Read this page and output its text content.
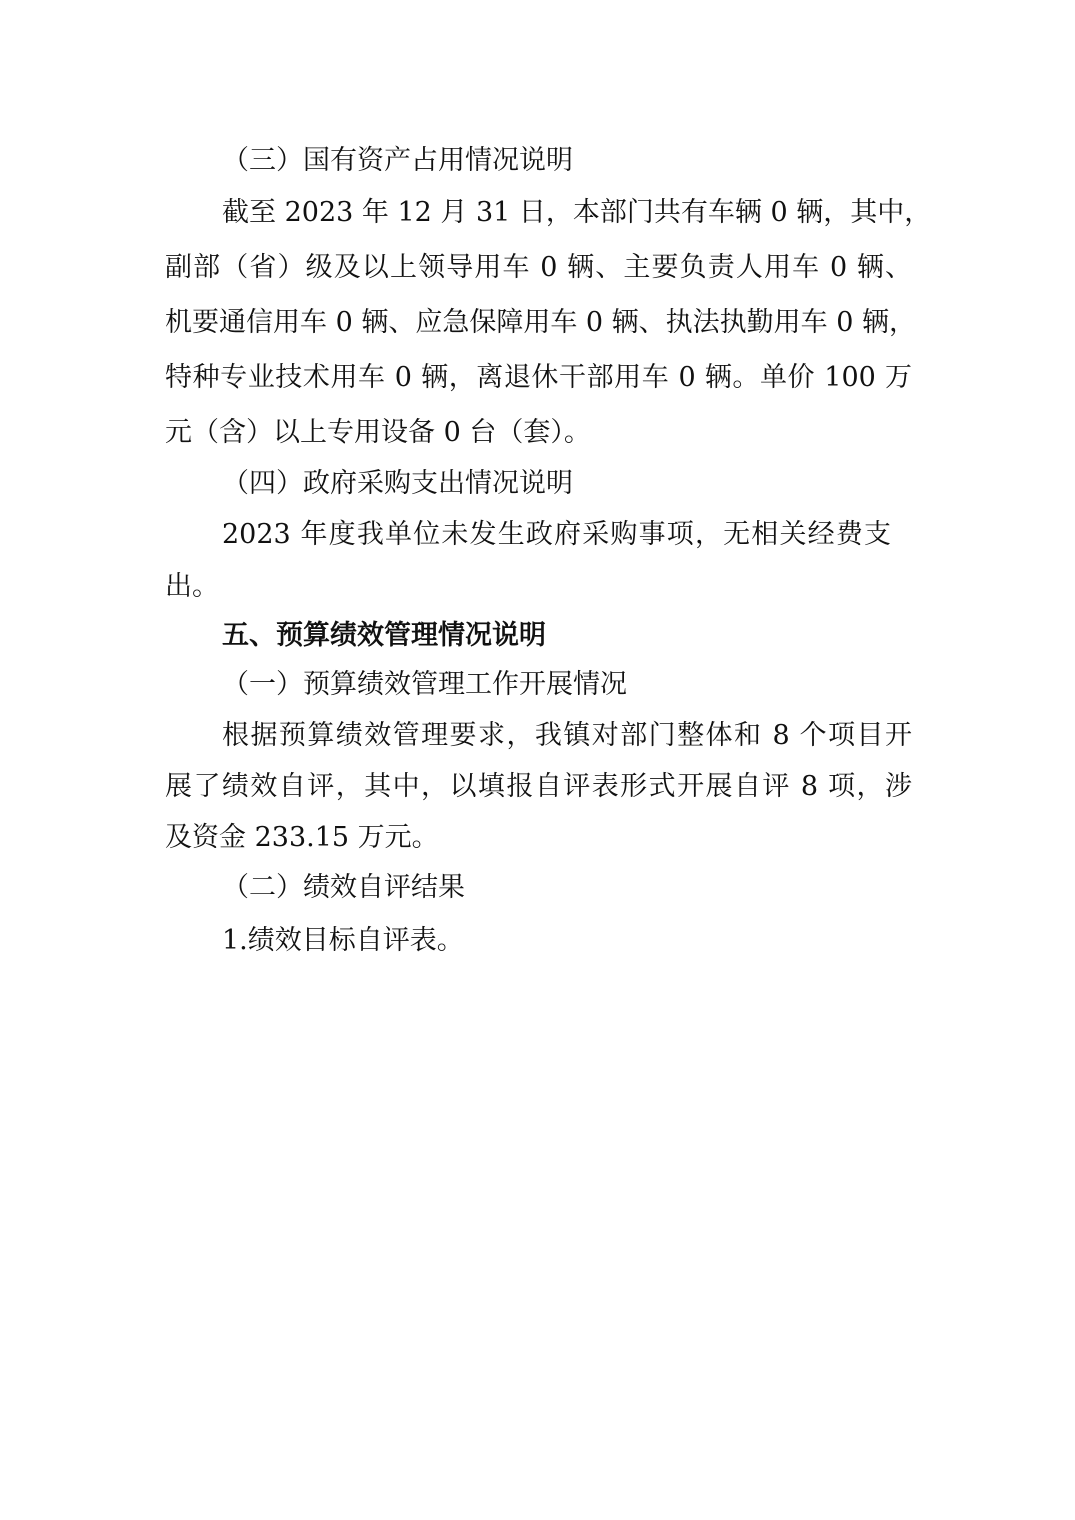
（三）国有资产占用情况说明

截至 2023 年 12 月 31 日，本部门共有车辆 0 辆，其中，

副部（省）级及以上领导用车 0 辆、主要负责人用车 0 辆、

机要通信用车 0 辆、应急保障用车 0 辆、执法执勤用车 0 辆，

特种专业技术用车 0 辆，离退休干部用车 0 辆。单价 100 万

元（含）以上专用设备 0 台（套）。

（四）政府采购支出情况说明

2023 年度我单位未发生政府采购事项，无相关经费支

出。

五、预算绩效管理情况说明

（一）预算绩效管理工作开展情况

根据预算绩效管理要求，我镇对部门整体和 8 个项目开

展了绩效自评，其中，以填报自评表形式开展自评 8 项，涉

及资金 233.15 万元。

（二）绩效自评结果

1.绩效目标自评表。
